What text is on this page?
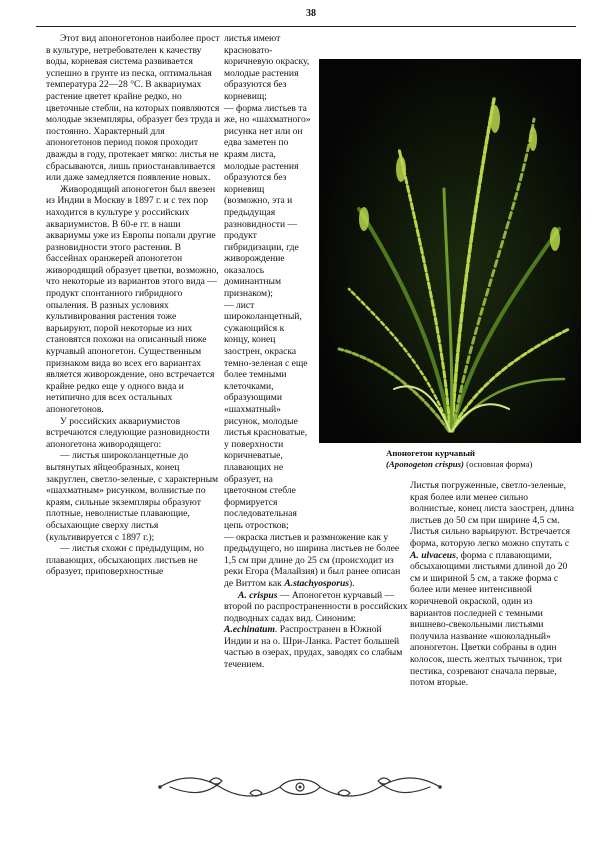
38

Этот вид апоногетонов наиболее прост в культуре, нетребователен к качеству воды, корневая система развивается успешно в грунте из песка, оптимальная температура 22—28 °С. В аквариумах растение цветет крайне редко, но цветочные стебли, на которых появляются молодые экземпляры, образует без труда и постоянно. Характерный для апоногетонов период покоя проходит дважды в году, протекает мягко: листья не сбрасываются, лишь приостанавливается или даже замедляется появление новых.

Живородящий апоногетон был ввезен из Индии в Москву в 1897 г. и с тех пор находится в культуре у российских аквариумистов. В 60-е гг. в наши аквариумы уже из Европы попали другие разновидности этого растения. В бассейнах оранжерей апоногетон живородящий образует цветки, возможно, что некоторые из вариантов этого вида — продукт спонтанного гибридного опыления. В разных условиях культивирования растения тоже варьируют, порой некоторые из них становятся похожи на описанный ниже курчавый апоногетон. Существенным признаком вида во всех его вариантах является живорождение, оно встречается крайне редко еще у одного вида и нетипично для всех остальных апоногетонов.

У российских аквариумистов встречаются следующие разновидности апоногетона живородящего:

— листья широколанцетные до вытянутых яйцеобразных, конец закруглен, светло-зеленые, с характерным «шахматным» рисунком, волнистые по краям, сильные экземпляры образуют плотные, неволнистые плавающие, обсыхающие сверху листья (культивируется с 1897 г.);

— листья схожи с предыдущим, но плавающих, обсыхающих листьев не образует, приповерхностные

листья имеют красновато-коричневую окраску, молодые растения образуются без корневищ;

— форма листьев та же, но «шахматного» рисунка нет или он едва заметен по краям листа, молодые растения образуются без корневищ (возможно, эта и предыдущая разновидности — продукт гибридизации, где живорождение оказалось доминантным признаком);

— лист широколанцетный, сужающийся к концу, конец заострен, окраска темно-зеленая с еще более темными клеточками, образующими «шахматный» рисунок, молодые листья красноватые, у поверхности коричневатые, плавающих не образует, на цветочном стебле формируется последовательная цепь отростков;

— окраска листьев и размножение как у предыдущего, но ширина листьев не более 1,5 см при длине до 25 см (происходит из реки Егора (Малайзия) и был ранее описан де Виттом как A.stachyosporus).

A. crispus — Апоногетон курчавый — второй по распространенности в российских подводных садах вид. Синоним: A.echinatum. Распространен в Южной Индии и на о. Шри-Ланка. Растет большей частью в озерах, прудах, заводях со слабым течением.

Апоногетон курчавый
(Aponogeton crispus) (основная форма)

Листья погруженные, светло-зеленые, края более или менее сильно волнистые, конец листа заострен, длина листьев до 50 см при ширине 4,5 см. Листья сильно варьируют. Встречается форма, которую легко можно спутать с A. ulvaceus, форма с плавающими, обсыхающими листьями длиной до 20 см и шириной 5 см, а также форма с более или менее интенсивной коричневой окраской, один из вариантов последней с темными вишнево-свекольными листьями получила название «шоколадный» апоногетон. Цветки собраны в один колосок, шесть желтых тычинок, три пестика, созревают сначала первые, потом вторые.
